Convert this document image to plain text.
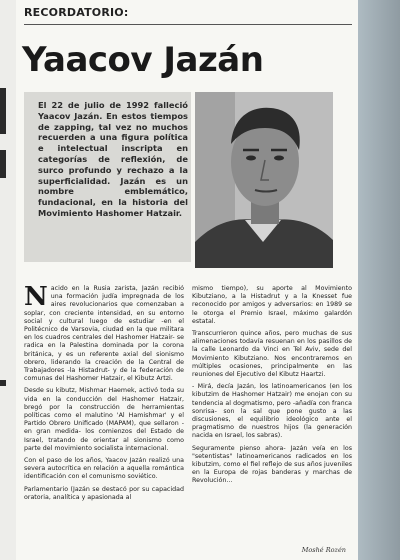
RECORDATORIO:
Yaacov Jazán

El 22 de julio de 1992 falleció Yaacov Jazán. En estos tiempos de zapping, tal vez no muchos recuerden a una figura política e intelectual inscripta en categorías de reflexión, de surco profundo y rechazo a la superficialidad. Jazán es un nombre emblemático, fundacional, en la historia del Movimiento Hashomer Hatzair.

Nacido en la Rusia zarista, Jazán recibió una formación judía impregnada de los aires revolucionarios que comenzaban a soplar, con creciente intensidad, en su entorno social y cultural luego de estudiar -en el Politécnico de Varsovia, ciudad en la que militara en los cuadros centrales del Hashomer Hatzair- se radica en la Palestina dominada por la corona británica, y es un referente axial del sionismo obrero, liderando la creación de la Central de Trabajadores -la Histadrut- y de la federación de comunas del Hashomer Hatzair, el Kibutz Artzi.

Desde su kibutz, Mishmar Haemek, activó toda su vida en la conducción del Hashomer Hatzair, bregó por la construcción de herramientas políticas como el malutino 'Al Hamishmar' y el Partido Obrero Unificado (MAPAM), que sellaron -en gran medida- los comienzos del Estado de Israel, tratando de orientar al sionismo como parte del movimiento socialista internacional.

Con el paso de los años, Yaacov Jazán realizó una severa autocrítica en relación a aquella romántica identificación con el comunismo soviético.

Parlamentario (Jazán se destacó por su capacidad oratoria, analítica y apasionada al

mismo tiempo), su aporte al Movimiento Kibutziano, a la Histadrut y a la Knesset fue reconocido por amigos y adversarios: en 1989 se le otorga el Premio Israel, máximo galardón estatal.

Transcurrieron quince años, pero muchas de sus alimenaciones todavía resuenan en los pasillos de la calle Leonardo da Vinci en Tel Aviv, sede del Movimiento Kibutziano. Nos encontraremos en múltiples ocasiones, principalmente en las reuniones del Ejecutivo del Kibutz Haartzi.

- Mirá, decía Jazán, los latinoamericanos (en los kibutzim de Hashomer Hatzair) me enojan con su tendencia al dogmatismo, pero -añadía con franca sonrisa- son la sal que pone gusto a las discusiones, el equilibrio ideológico ante el pragmatismo de nuestros hijos (la generación nacida en Israel, los sabras).

Seguramente pienso ahora- Jazán veía en los "setentistas" latinoamericanos radicados en los kibutzim, como el fiel reflejo de sus años juveniles en la Europa de rojas banderas y marchas de Revolución...

Moshé Rozén
